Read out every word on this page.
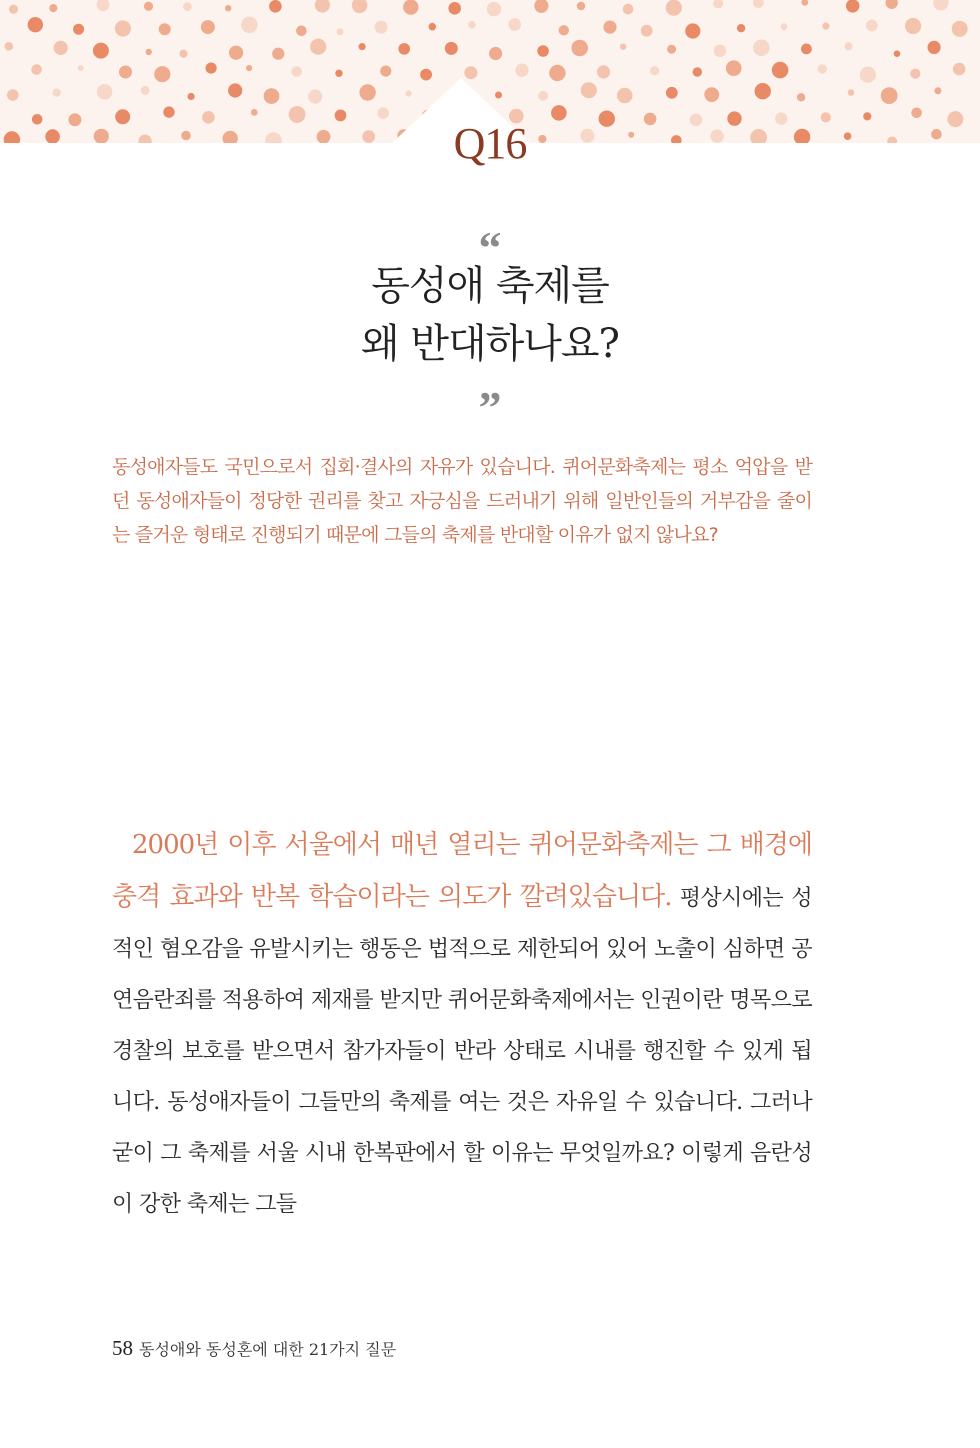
Q16
“
동성애 축제를
왜 반대하나요?
”

동성애자들도 국민으로서 집회·결사의 자유가 있습니다. 퀴어문화축제는 평소 억압을 받던 동성애자들이 정당한 권리를 찾고 자긍심을 드러내기 위해 일반인들의 거부감을 줄이는 즐거운 형태로 진행되기 때문에 그들의 축제를 반대할 이유가 없지 않나요?

2000년 이후 서울에서 매년 열리는 퀴어문화축제는 그 배경에 충격 효과와 반복 학습이라는 의도가 깔려있습니다. 평상시에는 성적인 혐오감을 유발시키는 행동은 법적으로 제한되어 있어 노출이 심하면 공연음란죄를 적용하여 제재를 받지만 퀴어문화축제에서는 인권이란 명목으로 경찰의 보호를 받으면서 참가자들이 반라 상태로 시내를 행진할 수 있게 됩니다. 동성애자들이 그들만의 축제를 여는 것은 자유일 수 있습니다. 그러나 굳이 그 축제를 서울 시내 한복판에서 할 이유는 무엇일까요? 이렇게 음란성이 강한 축제는 그들

58 동성애와 동성혼에 대한 21가지 질문
